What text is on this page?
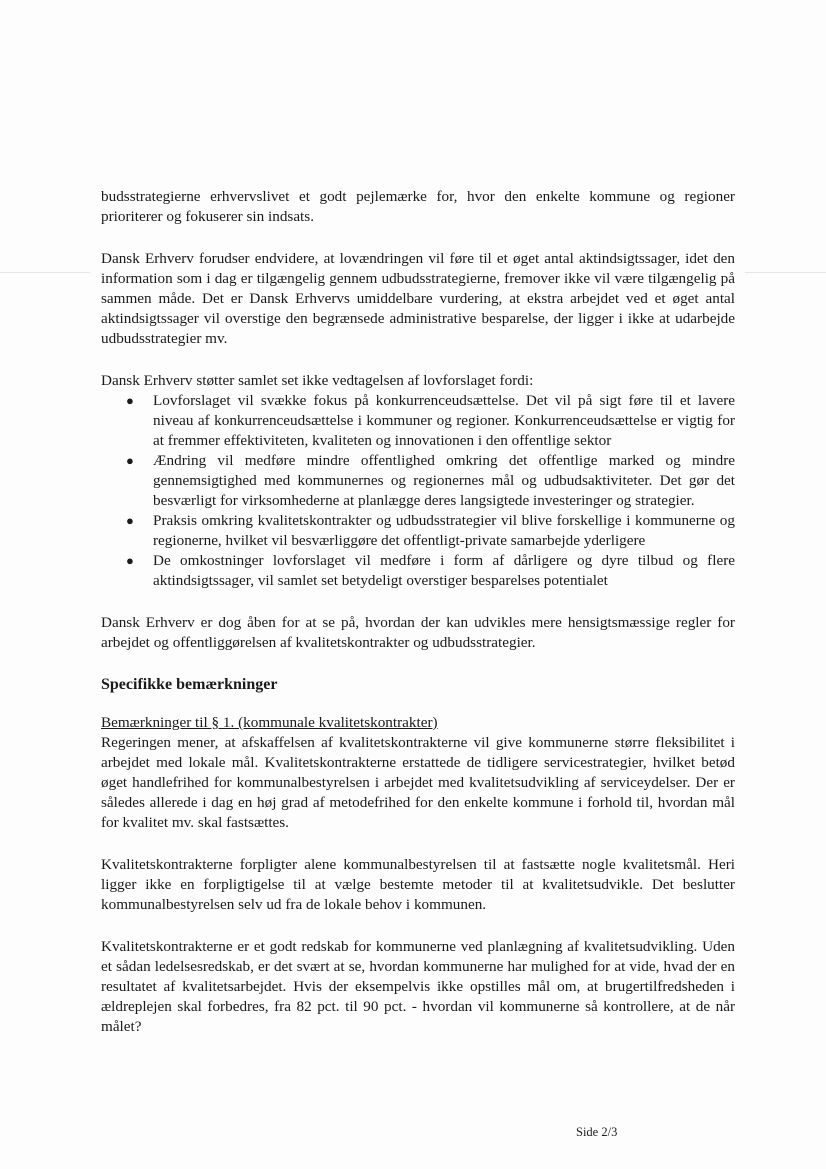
budsstrategierne erhvervslivet et godt pejlemærke for, hvor den enkelte kommune og regioner prioriterer og fokuserer sin indsats.

Dansk Erhverv forudser endvidere, at lovændringen vil føre til et øget antal aktindsigtssager, idet den information som i dag er tilgængelig gennem udbudsstrategierne, fremover ikke vil være tilgængelig på sammen måde. Det er Dansk Erhvervs umiddelbare vurdering, at ekstra arbejdet ved et øget antal aktindsigtssager vil overstige den begrænsede administrative besparelse, der ligger i ikke at udarbejde udbudsstrategier mv.

Dansk Erhverv støtter samlet set ikke vedtagelsen af lovforslaget fordi:

● Lovforslaget vil svække fokus på konkurrenceudsættelse. Det vil på sigt føre til et lavere niveau af konkurrenceudsættelse i kommuner og regioner. Konkurrenceudsættelse er vigtig for at fremmer effektiviteten, kvaliteten og innovationen i den offentlige sektor
● Ændring vil medføre mindre offentlighed omkring det offentlige marked og mindre gennemsigtighed med kommunernes og regionernes mål og udbudsaktiviteter. Det gør det besværligt for virksomhederne at planlægge deres langsigtede investeringer og strategier.
● Praksis omkring kvalitetskontrakter og udbudsstrategier vil blive forskellige i kommunerne og regionerne, hvilket vil besværliggøre det offentligt-private samarbejde yderligere
● De omkostninger lovforslaget vil medføre i form af dårligere og dyre tilbud og flere aktindsigtssager, vil samlet set betydeligt overstiger besparelses potentialet

Dansk Erhverv er dog åben for at se på, hvordan der kan udvikles mere hensigtsmæssige regler for arbejdet og offentliggørelsen af kvalitetskontrakter og udbudsstrategier.

Specifikke bemærkninger

Bemærkninger til § 1. (kommunale kvalitetskontrakter)

Regeringen mener, at afskaffelsen af kvalitetskontrakterne vil give kommunerne større fleksibilitet i arbejdet med lokale mål. Kvalitetskontrakterne erstattede de tidligere servicestrategier, hvilket betød øget handlefrihed for kommunalbestyrelsen i arbejdet med kvalitetsudvikling af serviceydelser. Der er således allerede i dag en høj grad af metodefrihed for den enkelte kommune i forhold til, hvordan mål for kvalitet mv. skal fastsættes.

Kvalitetskontrakterne forpligter alene kommunalbestyrelsen til at fastsætte nogle kvalitetsmål. Heri ligger ikke en forpligtigelse til at vælge bestemte metoder til at kvalitetsudvikle. Det beslutter kommunalbestyrelsen selv ud fra de lokale behov i kommunen.

Kvalitetskontrakterne er et godt redskab for kommunerne ved planlægning af kvalitetsudvikling. Uden et sådan ledelsesredskab, er det svært at se, hvordan kommunerne har mulighed for at vide, hvad der en resultatet af kvalitetsarbejdet. Hvis der eksempelvis ikke opstilles mål om, at brugertilfredsheden i ældreplejen skal forbedres, fra 82 pct. til 90 pct. - hvordan vil kommunerne så kontrollere, at de når målet?

Side 2/3
